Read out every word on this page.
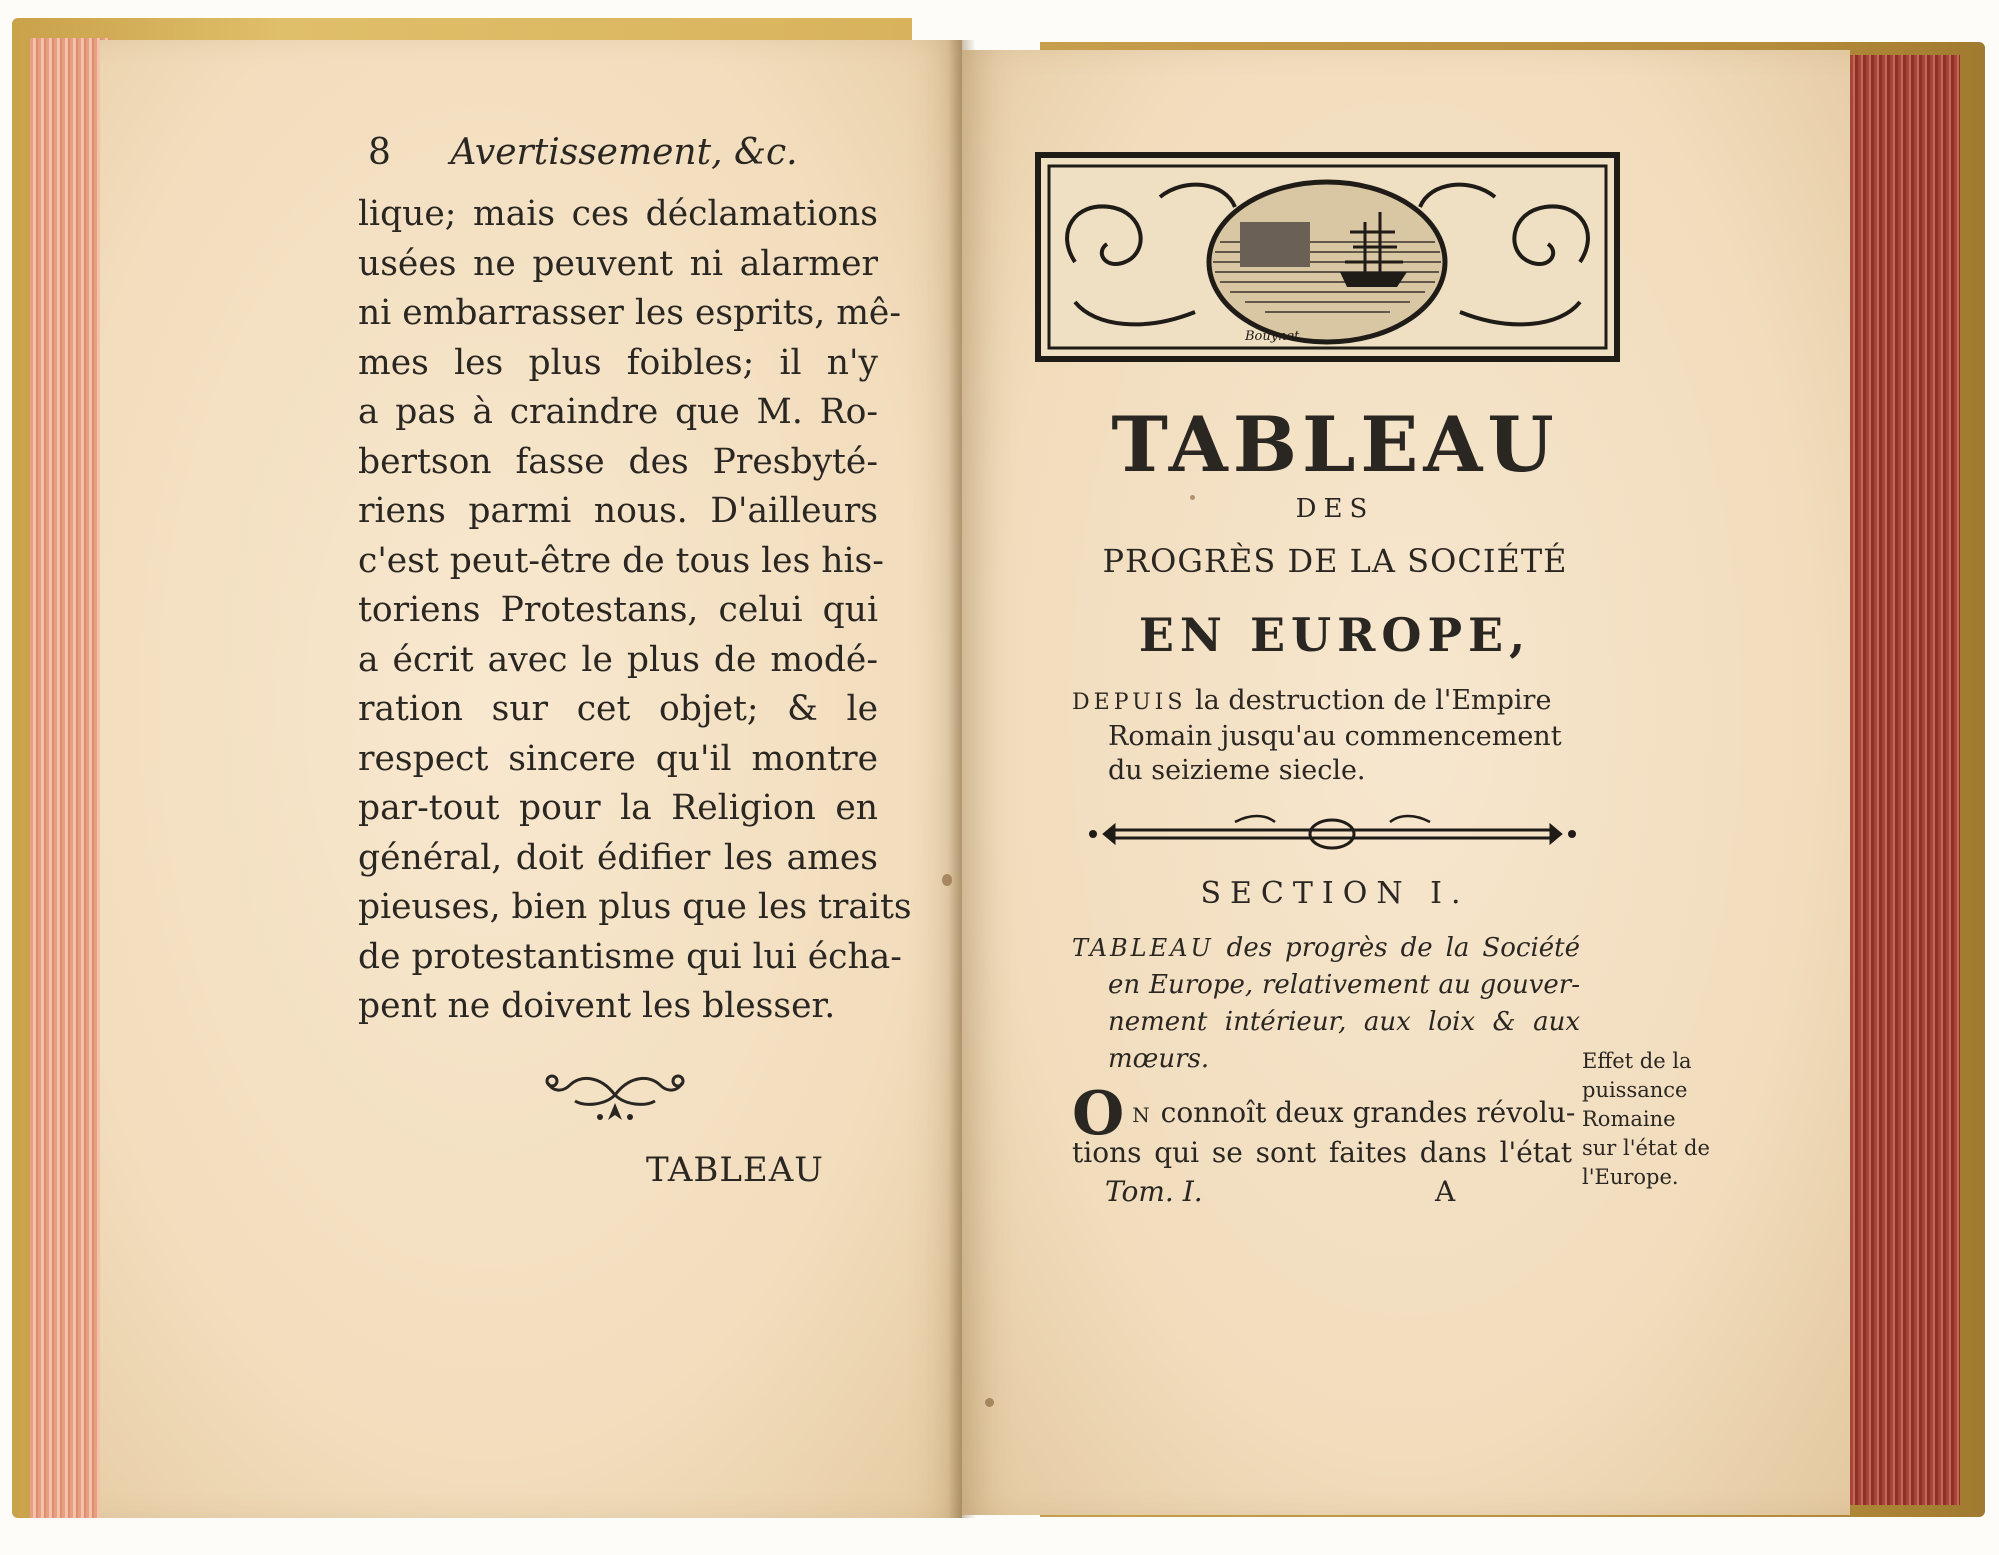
8 Avertissement, &c.
lique; mais ces déclamations
usées ne peuvent ni alarmer
ni embarrasser les esprits, mê-
mes les plus foibles; il n'y
a pas à craindre que M. Ro-
bertson fasse des Presbyté-
riens parmi nous. D'ailleurs
c'est peut-être de tous les his-
toriens Protestans, celui qui
a écrit avec le plus de modé-
ration sur cet objet; & le
respect sincere qu'il montre
par-tout pour la Religion en
général, doit édifier les ames
pieuses, bien plus que les traits
de protestantisme qui lui écha-
pent ne doivent les blesser.
TABLEAU
Bouynet
TABLEAU
DES
PROGRÈS DE LA SOCIÉTÉ
EN EUROPE,
DEPUIS la destruction de l'Empire
Romain jusqu'au commencement
du seizieme siecle.
SECTION I.
TABLEAU des progrès de la Société
en Europe, relativement au gouver-
nement intérieur, aux loix & aux
mœurs.	Effet de la
puissance
Romaine
sur l'état de
l'Europe.
O N connoît deux grandes révolu-
tions qui se sont faites dans l'état
Tom. I.	A
